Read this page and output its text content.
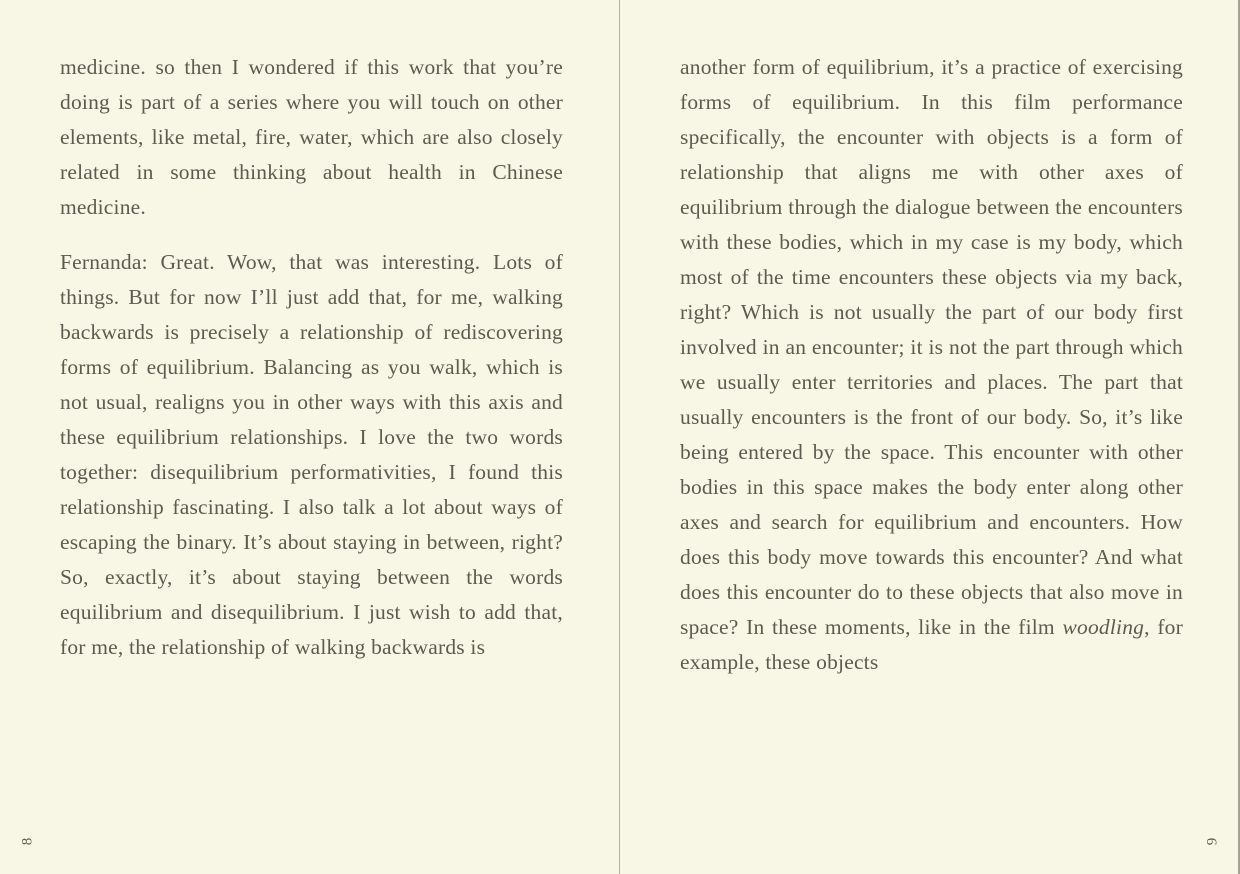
medicine. so then I wondered if this work that you’re doing is part of a series where you will touch on other elements, like metal, fire, water, which are also closely related in some thinking about health in Chinese medicine.

Fernanda: Great. Wow, that was interesting. Lots of things. But for now I’ll just add that, for me, walking backwards is precisely a relationship of rediscovering forms of equilibrium. Balancing as you walk, which is not usual, realigns you in other ways with this axis and these equilibrium relationships. I love the two words together: disequilibrium performativities, I found this relationship fascinating. I also talk a lot about ways of escaping the binary. It’s about staying in between, right? So, exactly, it’s about staying between the words equilibrium and disequilibrium. I just wish to add that, for me, the relationship of walking backwards is

8

another form of equilibrium, it’s a practice of exercising forms of equilibrium. In this film performance specifically, the encounter with objects is a form of relationship that aligns me with other axes of equilibrium through the dialogue between the encounters with these bodies, which in my case is my body, which most of the time encounters these objects via my back, right? Which is not usually the part of our body first involved in an encounter; it is not the part through which we usually enter territories and places. The part that usually encounters is the front of our body. So, it’s like being entered by the space. This encounter with other bodies in this space makes the body enter along other axes and search for equilibrium and encounters. How does this body move towards this encounter? And what does this encounter do to these objects that also move in space? In these moments, like in the film woodling, for example, these objects

9
